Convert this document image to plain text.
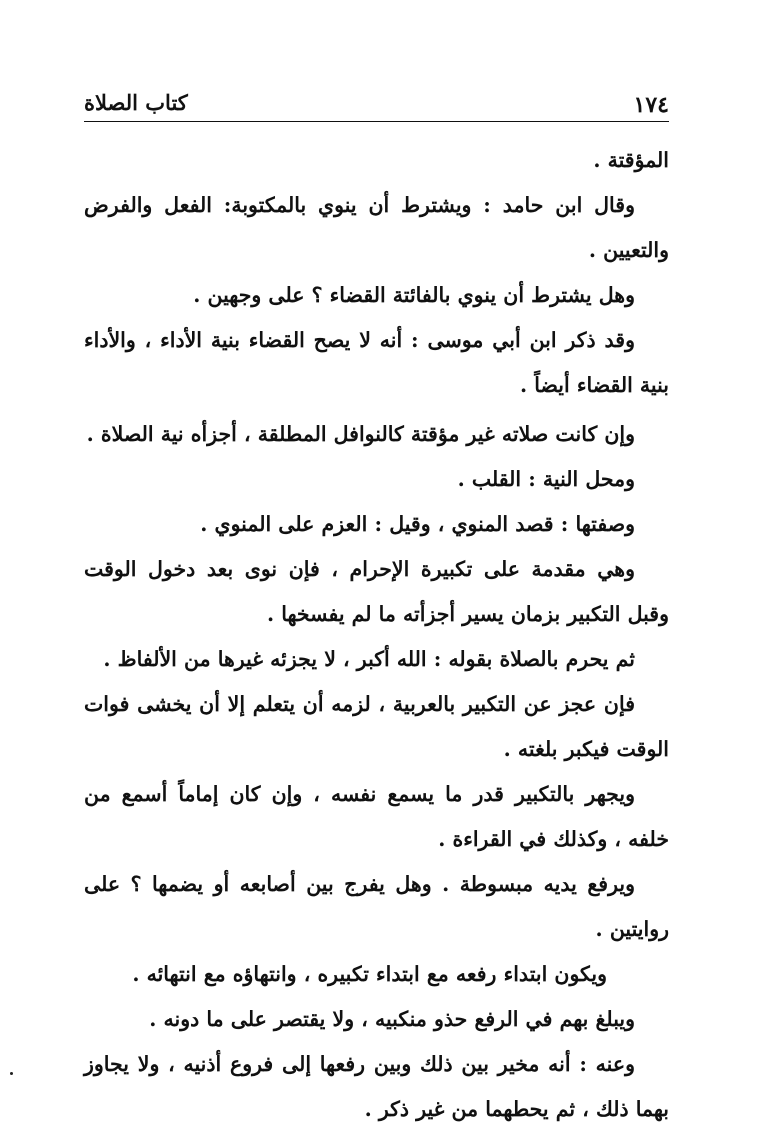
١٧٤
كتاب الصلاة

المؤقتة .

وقال ابن حامد : ويشترط أن ينوي بالمكتوبة: الفعل والفرض والتعيين .

وهل يشترط أن ينوي بالفائتة القضاء ؟ على وجهين .

وقد ذكر ابن أبي موسى : أنه لا يصح القضاء بنية الأداء ، والأداء بنية القضاء أيضاً .

وإن كانت صلاته غير مؤقتة كالنوافل المطلقة ، أجزأه نية الصلاة .

ومحل النية : القلب .

وصفتها : قصد المنوي ، وقيل : العزم على المنوي .

وهي مقدمة على تكبيرة الإحرام ، فإن نوى بعد دخول الوقت وقبل التكبير بزمان يسير أجزأته ما لم يفسخها .

ثم يحرم بالصلاة بقوله : الله أكبر ، لا يجزئه غيرها من الألفاظ .

فإن عجز عن التكبير بالعربية ، لزمه أن يتعلم إلا أن يخشى فوات الوقت فيكبر بلغته .

ويجهر بالتكبير قدر ما يسمع نفسه ، وإن كان إماماً أسمع من خلفه ، وكذلك في القراءة .

ويرفع يديه مبسوطة . وهل يفرج بين أصابعه أو يضمها ؟ على روايتين .

ويكون ابتداء رفعه مع ابتداء تكبيره ، وانتهاؤه مع انتهائه .

ويبلغ بهم في الرفع حذو منكبيه ، ولا يقتصر على ما دونه .

وعنه : أنه مخير بين ذلك وبين رفعها إلى فروع أذنيه ، ولا يجاوز بهما ذلك ، ثم يحطهما من غير ذكر .
